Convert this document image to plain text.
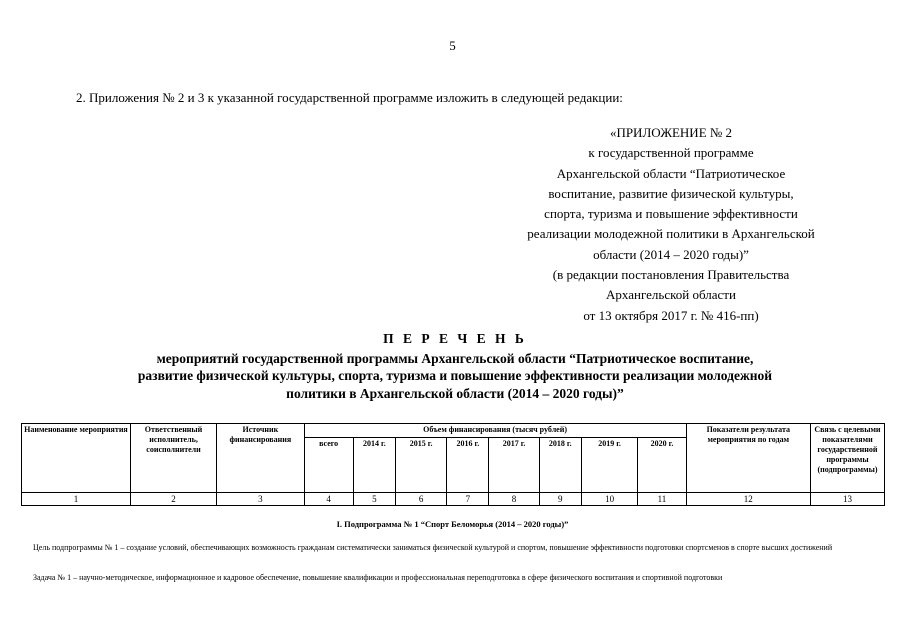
5
2. Приложения № 2 и 3 к указанной государственной программе изложить в следующей редакции:
«ПРИЛОЖЕНИЕ № 2
к государственной программе
Архангельской области “Патриотическое
воспитание, развитие физической культуры,
спорта, туризма и повышение эффективности
реализации молодежной политики в Архангельской
области (2014 – 2020 годы)”
(в редакции постановления Правительства
Архангельской области
от 13 октября 2017 г. № 416-пп)
П Е Р Е Ч Е Н Ь
мероприятий государственной программы Архангельской области “Патриотическое воспитание,
развитие физической культуры, спорта, туризма и повышение эффективности реализации молодежной
политики в Архангельской области (2014 – 2020 годы)”
Наименование мероприятия	Ответственный исполнитель, соисполнители	Источник финансирования	Объем финансирования (тысяч рублей)								Показатели результата мероприятия по годам	Связь с целевыми показателями государственной программы (подпрограммы)
			всего	2014 г.	2015 г.	2016 г.	2017 г.	2018 г.	2019 г.	2020 г.		
1	2	3	4	5	6	7	8	9	10	11	12	13
I. Подпрограмма № 1 “Спорт Беломорья (2014 – 2020 годы)”
Цель подпрограммы № 1 – создание условий, обеспечивающих возможность гражданам систематически заниматься физической культурой и спортом, повышение эффективности подготовки спортсменов в спорте высших достижений
Задача № 1 – научно-методическое, информационное и кадровое обеспечение, повышение квалификации и профессиональная переподготовка в сфере физического воспитания и спортивной подготовки
